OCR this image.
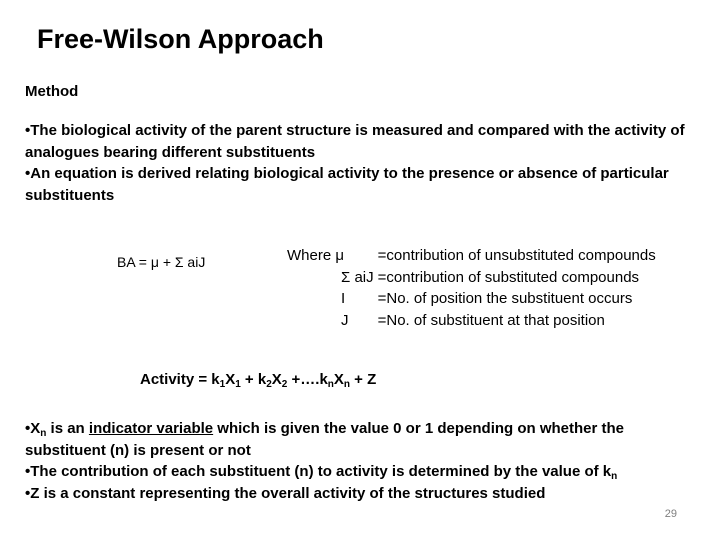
Free-Wilson Approach
Method
•The biological activity of the parent structure is measured and compared with the activity of analogues bearing different substituents
•An equation is derived relating biological activity to the presence or absence of particular substituents
BA = μ + Σ aiJ	Where μ	=contribution of unsubstituted compounds
Σ aiJ	=contribution of substituted compounds
I	=No. of position the substituent occurs
J	=No. of substituent at that position
Activity = $k_1X_1 + k_2X_2$ $+\dots.k_nX_n + Z$
$•X_n$ is an indicator variable which is given the value 0 or 1 depending on whether the substituent (n) is present or not
•The contribution of each substituent (n) to activity is determined by the value of $k_n$
•Z is a constant representing the overall activity of the structures studied
29
